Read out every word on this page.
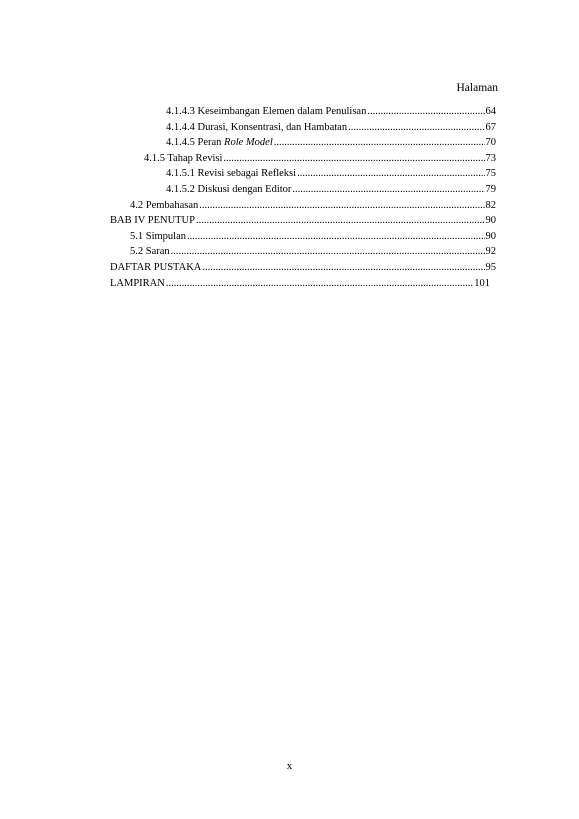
Halaman
4.1.4.3 Keseimbangan Elemen dalam Penulisan .....	64
4.1.4.4 Durasi, Konsentrasi, dan Hambatan .....	67
4.1.4.5 Peran Role Model .....	70
4.1.5 Tahap Revisi .....	73
4.1.5.1 Revisi sebagai Refleksi .....	75
4.1.5.2 Diskusi dengan Editor .....	79
4.2 Pembahasan .....	82
BAB IV PENUTUP .....	90
5.1 Simpulan .....	90
5.2 Saran .....	92
DAFTAR PUSTAKA .....	95
LAMPIRAN .....	101
x
